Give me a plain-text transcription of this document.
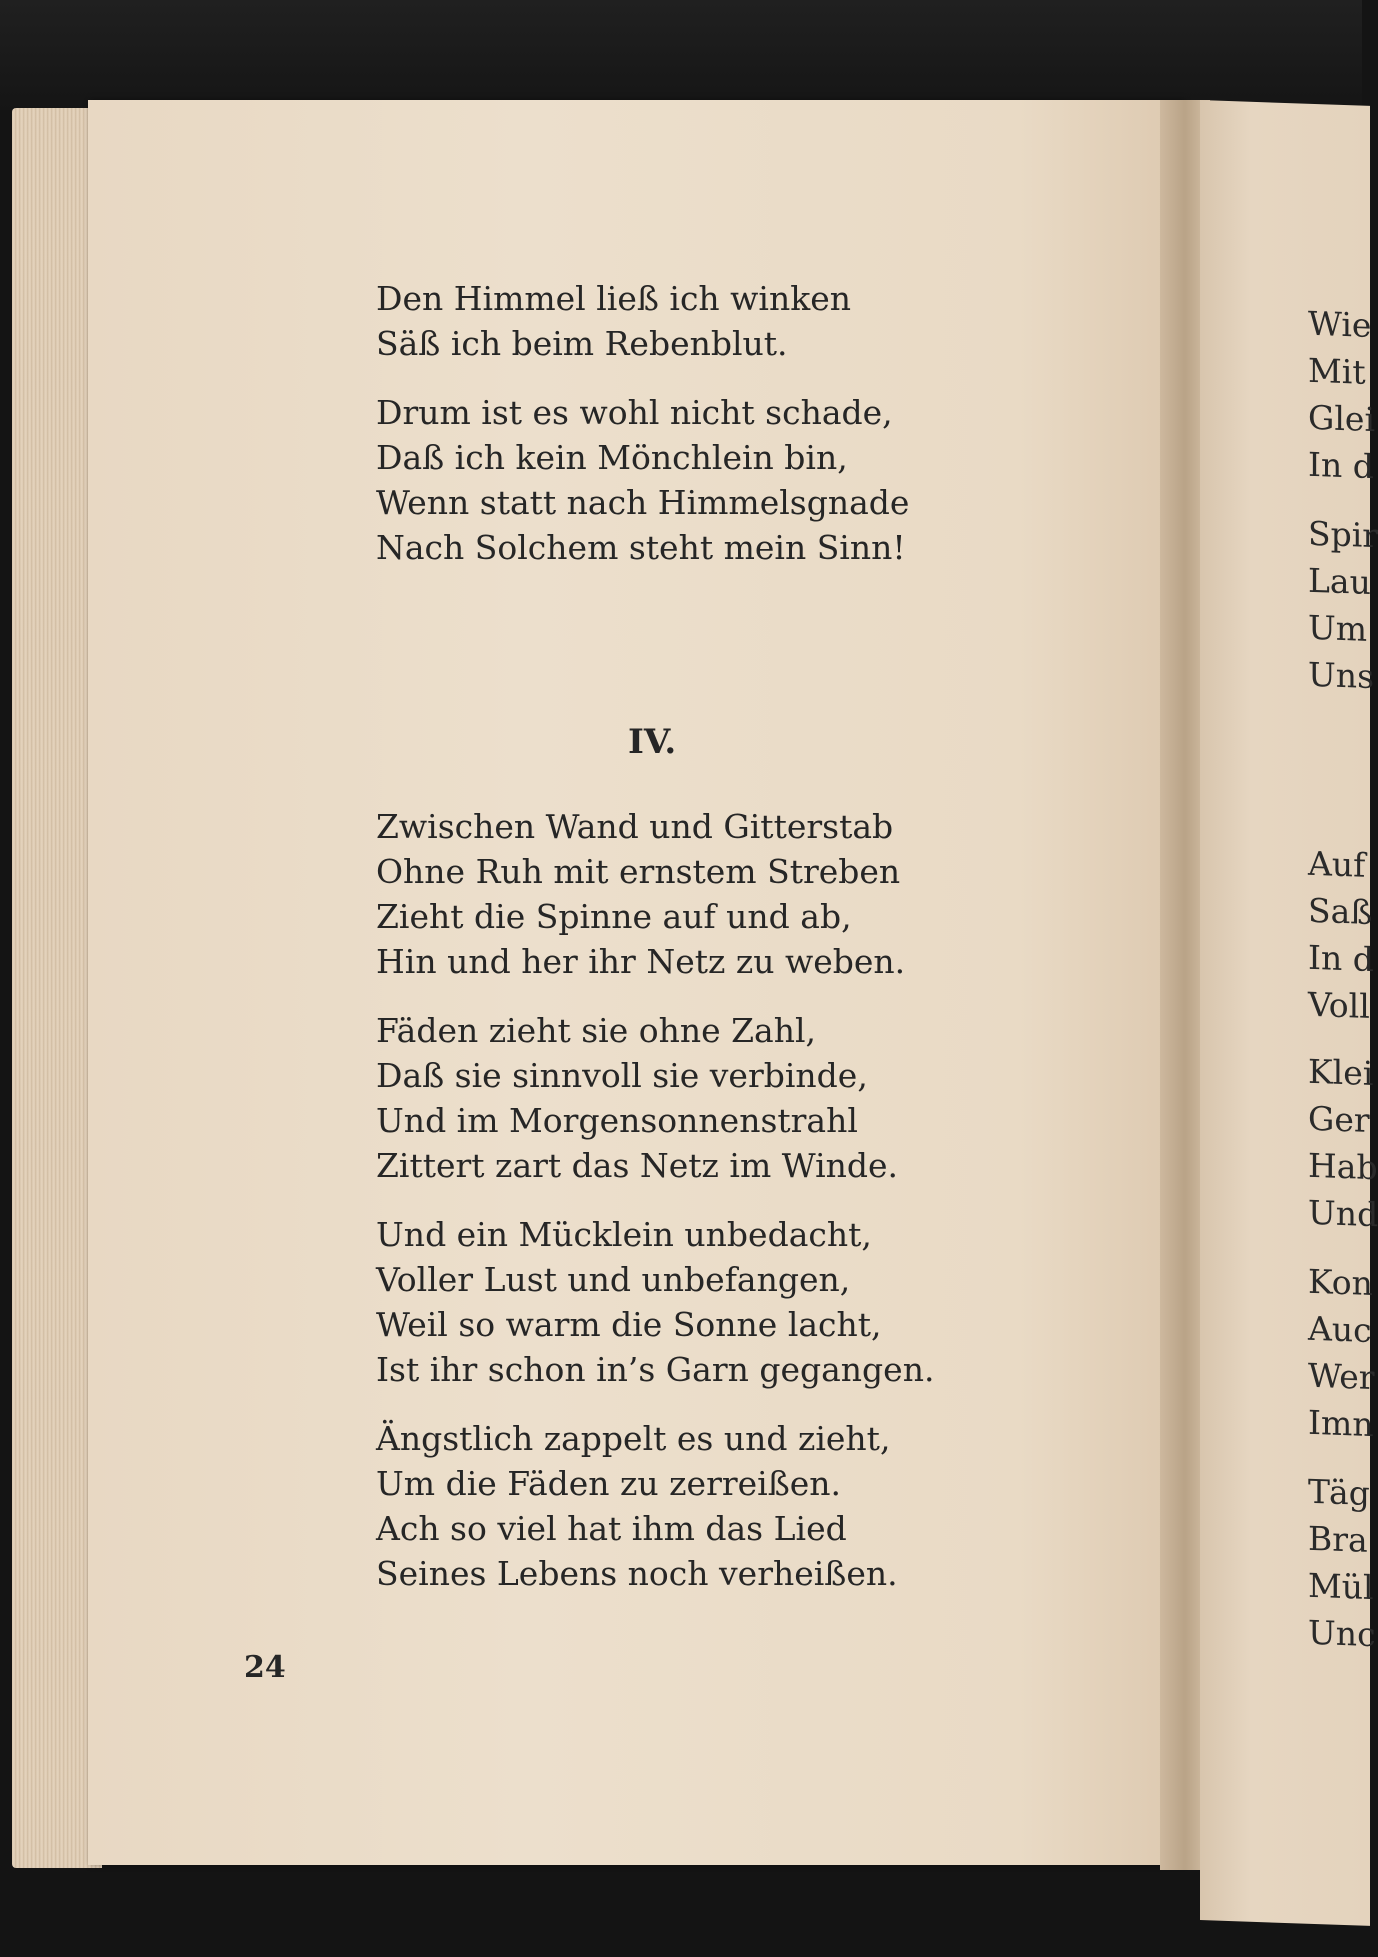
Wie
Mit
Glei
In d
Spir
Lau
Um
Uns
Auf
Saß
In d
Voll
Klei
Ger
Hab
Und
Kon
Auc
Wer
Imn
Täg
Bra
Mül
Unc
Den Himmel ließ ich winken
Säß ich beim Rebenblut.
Drum ist es wohl nicht schade,
Daß ich kein Mönchlein bin,
Wenn statt nach Himmelsgnade
Nach Solchem steht mein Sinn!
IV.
Zwischen Wand und Gitterstab
Ohne Ruh mit ernstem Streben
Zieht die Spinne auf und ab,
Hin und her ihr Netz zu weben.
Fäden zieht sie ohne Zahl,
Daß sie sinnvoll sie verbinde,
Und im Morgensonnenstrahl
Zittert zart das Netz im Winde.
Und ein Mücklein unbedacht,
Voller Lust und unbefangen,
Weil so warm die Sonne lacht,
Ist ihr schon in’s Garn gegangen.
Ängstlich zappelt es und zieht,
Um die Fäden zu zerreißen.
Ach so viel hat ihm das Lied
Seines Lebens noch verheißen.
24
